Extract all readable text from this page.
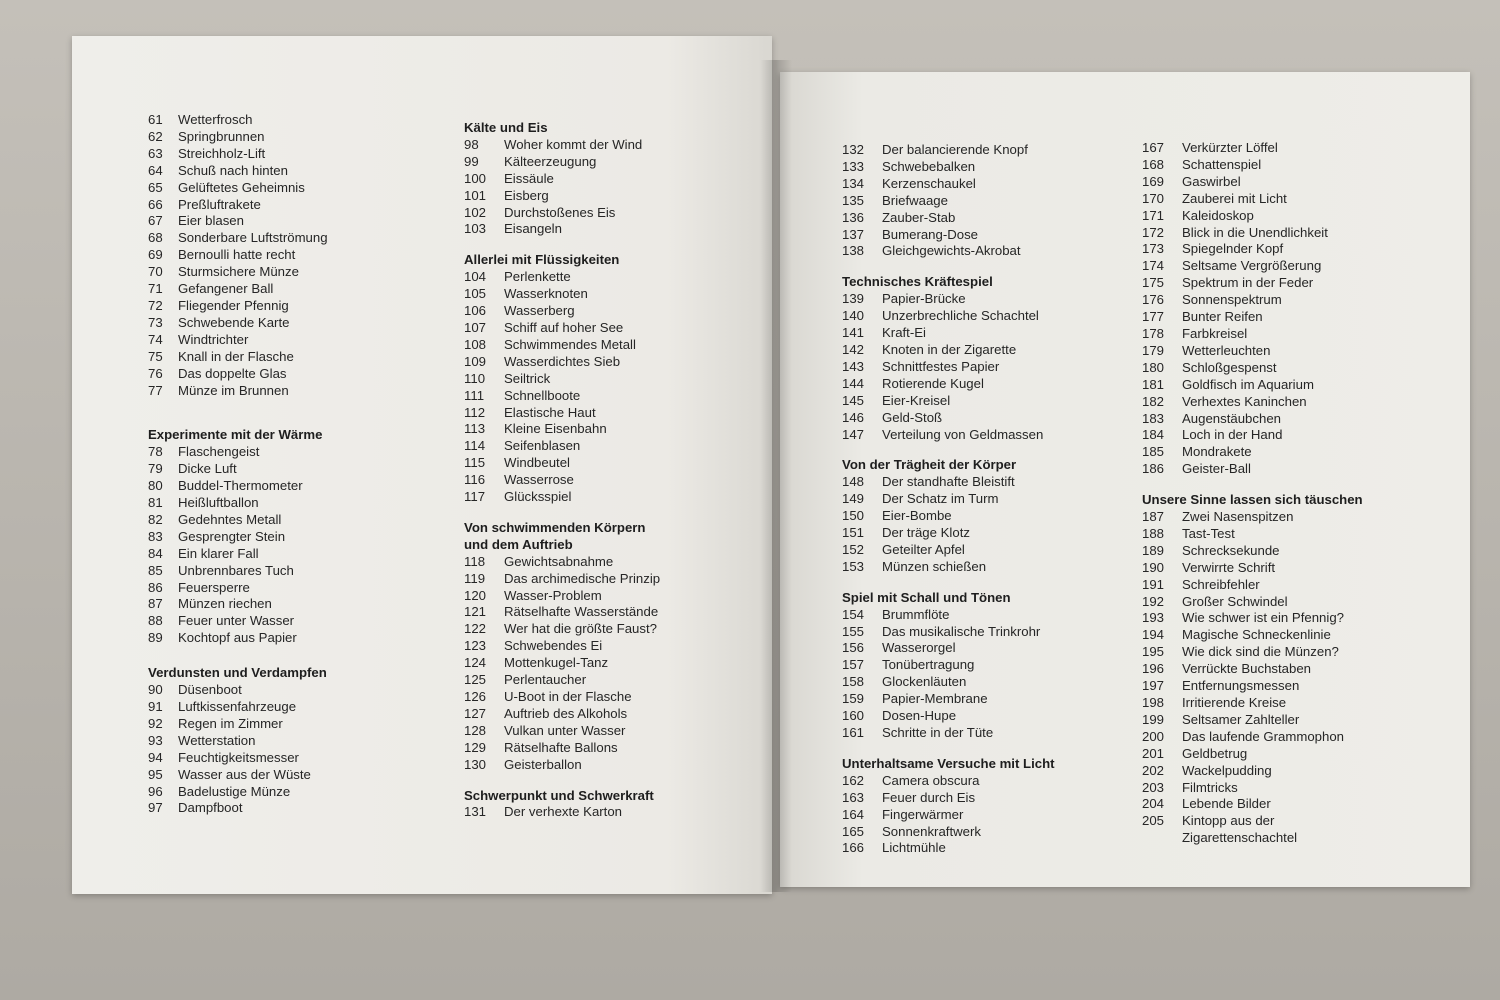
61	Wetterfrosch
62	Springbrunnen
63	Streichholz-Lift
64	Schuß nach hinten
65	Gelüftetes Geheimnis
66	Preßluftrakete
67	Eier blasen
68	Sonderbare Luftströmung
69	Bernoulli hatte recht
70	Sturmsichere Münze
71	Gefangener Ball
72	Fliegender Pfennig
73	Schwebende Karte
74	Windtrichter
75	Knall in der Flasche
76	Das doppelte Glas
77	Münze im Brunnen
Experimente mit der Wärme
78	Flaschengeist
79	Dicke Luft
80	Buddel-Thermometer
81	Heißluftballon
82	Gedehntes Metall
83	Gesprengter Stein
84	Ein klarer Fall
85	Unbrennbares Tuch
86	Feuersperre
87	Münzen riechen
88	Feuer unter Wasser
89	Kochtopf aus Papier
Verdunsten und Verdampfen
90	Düsenboot
91	Luftkissenfahrzeuge
92	Regen im Zimmer
93	Wetterstation
94	Feuchtigkeitsmesser
95	Wasser aus der Wüste
96	Badelustige Münze
97	Dampfboot
Kälte und Eis
98	Woher kommt der Wind
99	Kälteerzeugung
100	Eissäule
101	Eisberg
102	Durchstoßenes Eis
103	Eisangeln
Allerlei mit Flüssigkeiten
104	Perlenkette
105	Wasserknoten
106	Wasserberg
107	Schiff auf hoher See
108	Schwimmendes Metall
109	Wasserdichtes Sieb
110	Seiltrick
111	Schnellboote
112	Elastische Haut
113	Kleine Eisenbahn
114	Seifenblasen
115	Windbeutel
116	Wasserrose
117	Glücksspiel
Von schwimmenden Körpern
und dem Auftrieb
118	Gewichtsabnahme
119	Das archimedische Prinzip
120	Wasser-Problem
121	Rätselhafte Wasserstände
122	Wer hat die größte Faust?
123	Schwebendes Ei
124	Mottenkugel-Tanz
125	Perlentaucher
126	U-Boot in der Flasche
127	Auftrieb des Alkohols
128	Vulkan unter Wasser
129	Rätselhafte Ballons
130	Geisterballon
Schwerpunkt und Schwerkraft
131	Der verhexte Karton
132	Der balancierende Knopf
133	Schwebebalken
134	Kerzenschaukel
135	Briefwaage
136	Zauber-Stab
137	Bumerang-Dose
138	Gleichgewichts-Akrobat
Technisches Kräftespiel
139	Papier-Brücke
140	Unzerbrechliche Schachtel
141	Kraft-Ei
142	Knoten in der Zigarette
143	Schnittfestes Papier
144	Rotierende Kugel
145	Eier-Kreisel
146	Geld-Stoß
147	Verteilung von Geldmassen
Von der Trägheit der Körper
148	Der standhafte Bleistift
149	Der Schatz im Turm
150	Eier-Bombe
151	Der träge Klotz
152	Geteilter Apfel
153	Münzen schießen
Spiel mit Schall und Tönen
154	Brummflöte
155	Das musikalische Trinkrohr
156	Wasserorgel
157	Tonübertragung
158	Glockenläuten
159	Papier-Membrane
160	Dosen-Hupe
161	Schritte in der Tüte
Unterhaltsame Versuche mit Licht
162	Camera obscura
163	Feuer durch Eis
164	Fingerwärmer
165	Sonnenkraftwerk
166	Lichtmühle
167	Verkürzter Löffel
168	Schattenspiel
169	Gaswirbel
170	Zauberei mit Licht
171	Kaleidoskop
172	Blick in die Unendlichkeit
173	Spiegelnder Kopf
174	Seltsame Vergrößerung
175	Spektrum in der Feder
176	Sonnenspektrum
177	Bunter Reifen
178	Farbkreisel
179	Wetterleuchten
180	Schloßgespenst
181	Goldfisch im Aquarium
182	Verhextes Kaninchen
183	Augenstäubchen
184	Loch in der Hand
185	Mondrakete
186	Geister-Ball
Unsere Sinne lassen sich täuschen
187	Zwei Nasenspitzen
188	Tast-Test
189	Schrecksekunde
190	Verwirrte Schrift
191	Schreibfehler
192	Großer Schwindel
193	Wie schwer ist ein Pfennig?
194	Magische Schneckenlinie
195	Wie dick sind die Münzen?
196	Verrückte Buchstaben
197	Entfernungsmessen
198	Irritierende Kreise
199	Seltsamer Zahlteller
200	Das laufende Grammophon
201	Geldbetrug
202	Wackelpudding
203	Filmtricks
204	Lebende Bilder
205	Kintopp aus der
Zigarettenschachtel
